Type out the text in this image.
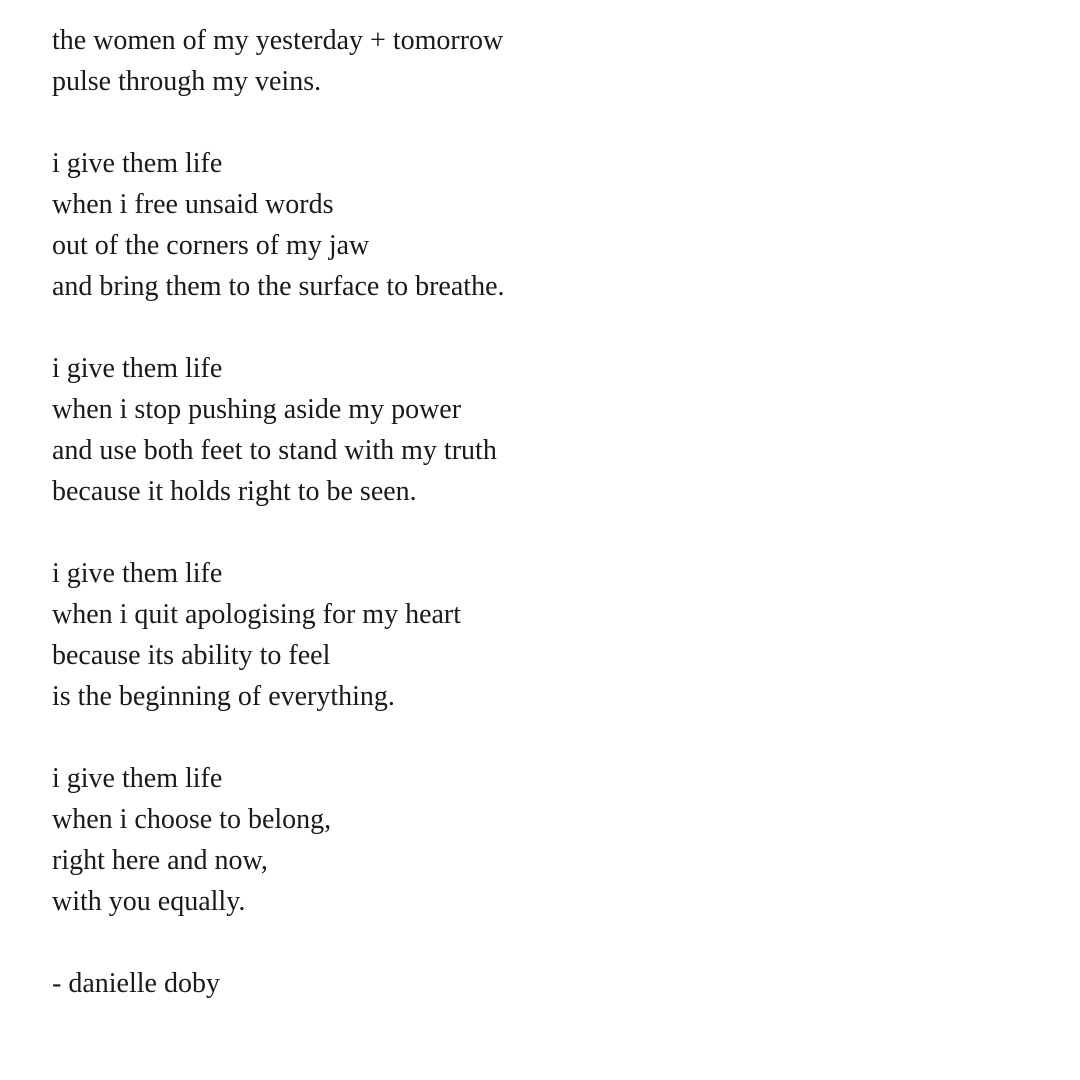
the women of my yesterday + tomorrow
pulse through my veins.
i give them life
when i free unsaid words
out of the corners of my jaw
and bring them to the surface to breathe.
i give them life
when i stop pushing aside my power
and use both feet to stand with my truth
because it holds right to be seen.
i give them life
when i quit apologising for my heart
because its ability to feel
is the beginning of everything.
i give them life
when i choose to belong,
right here and now,
with you equally.
- danielle doby
